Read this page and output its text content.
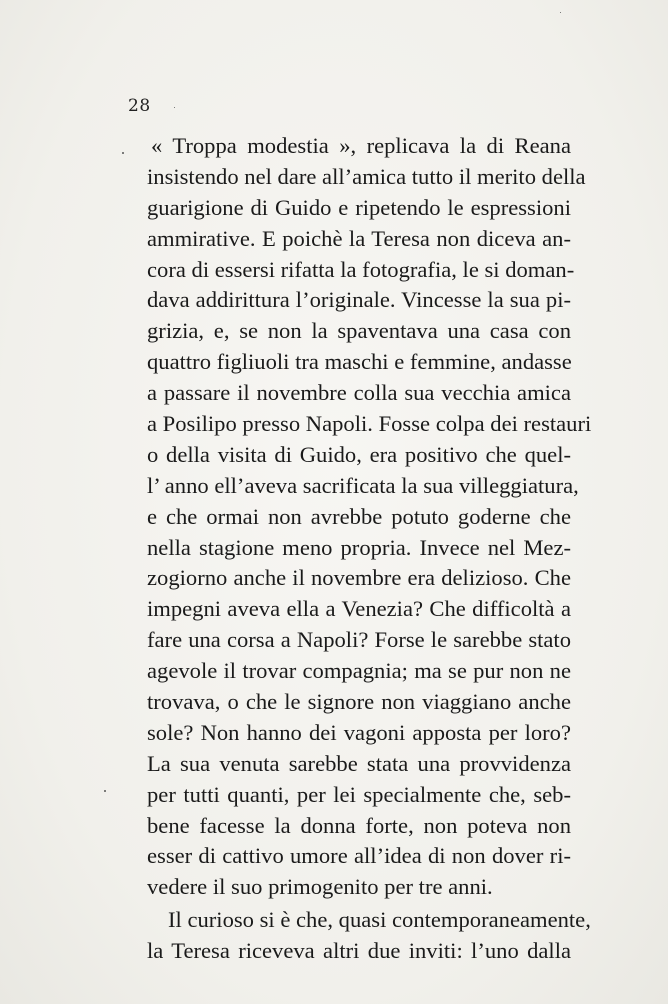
28
« Troppa modestia », replicava la di Reana
insistendo nel dare all’amica tutto il merito della
guarigione di Guido e ripetendo le espressioni
ammirative. E poichè la Teresa non diceva an-
cora di essersi rifatta la fotografia, le si doman-
dava addirittura l’originale. Vincesse la sua pi-
grizia, e, se non la spaventava una casa con
quattro figliuoli tra maschi e femmine, andasse
a passare il novembre colla sua vecchia amica
a Posilipo presso Napoli. Fosse colpa dei restauri
o della visita di Guido, era positivo che quel-
l’ anno ell’aveva sacrificata la sua villeggiatura,
e che ormai non avrebbe potuto goderne che
nella stagione meno propria. Invece nel Mez-
zogiorno anche il novembre era delizioso. Che
impegni aveva ella a Venezia? Che difficoltà a
fare una corsa a Napoli? Forse le sarebbe stato
agevole il trovar compagnia; ma se pur non ne
trovava, o che le signore non viaggiano anche
sole? Non hanno dei vagoni apposta per loro?
La sua venuta sarebbe stata una provvidenza
per tutti quanti, per lei specialmente che, seb-
bene facesse la donna forte, non poteva non
esser di cattivo umore all’idea di non dover ri-
vedere il suo primogenito per tre anni.
Il curioso si è che, quasi contemporaneamente,
la Teresa riceveva altri due inviti: l’uno dalla
